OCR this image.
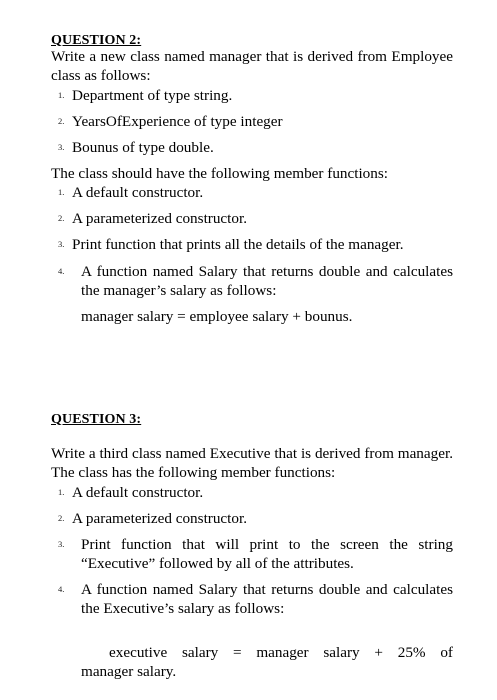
QUESTION 2:
Write a new class named manager that is derived from Employee class as follows:
1. Department of type string.
2. YearsOfExperience of type integer
3. Bounus of type double.
The class should have the following member functions:
1. A default constructor.
2. A parameterized constructor.
3. Print function that prints all the details of the manager.
4. A function named Salary that returns double and calculates the manager’s salary as follows:
manager salary = employee salary + bounus.
QUESTION 3:
Write a third class named Executive that is derived from manager. The class has the following member functions:
1. A default constructor.
2. A parameterized constructor.
3. Print function that will print to the screen the string “Executive” followed by all of the attributes.
4. A function named Salary that returns double and calculates the Executive’s salary as follows:
executive salary = manager salary + 25% of
manager salary.
